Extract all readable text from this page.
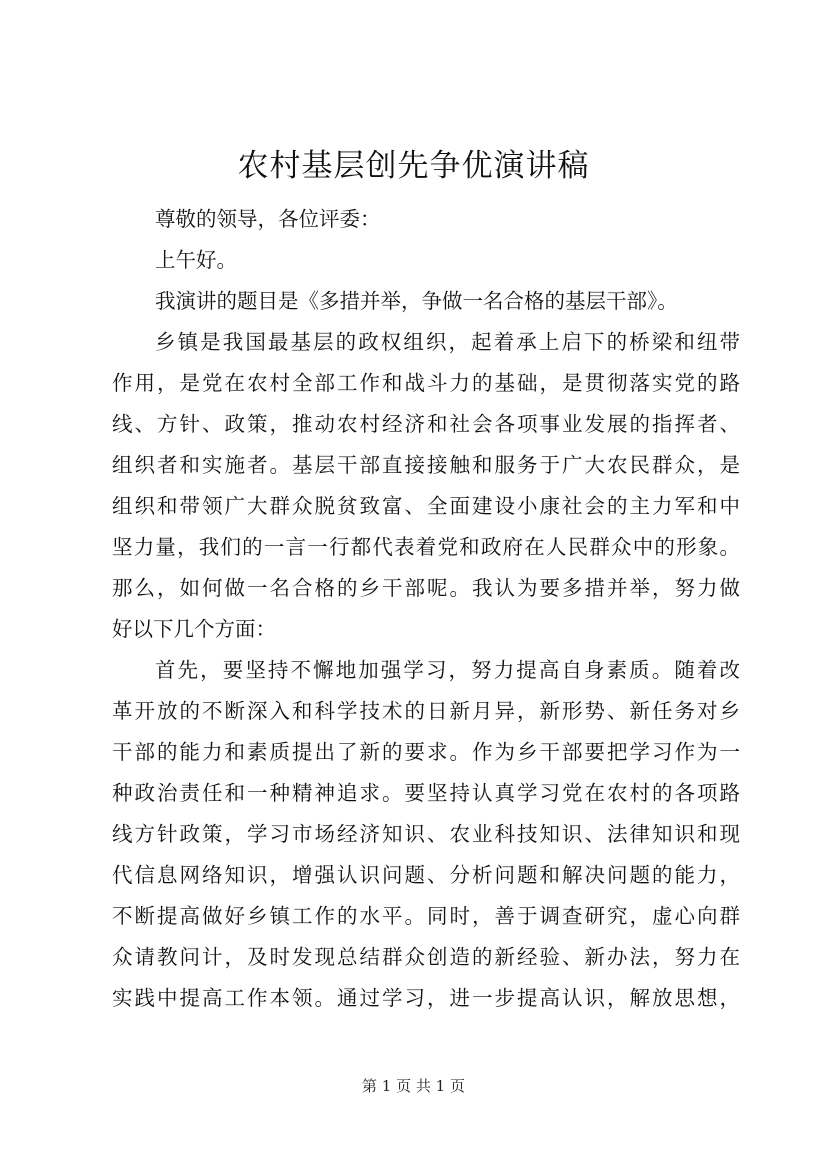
农村基层创先争优演讲稿
尊敬的领导，各位评委：
上午好。
我演讲的题目是《多措并举，争做一名合格的基层干部》。
乡镇是我国最基层的政权组织，起着承上启下的桥梁和纽带
作用，是党在农村全部工作和战斗力的基础，是贯彻落实党的路
线、方针、政策，推动农村经济和社会各项事业发展的指挥者、
组织者和实施者。基层干部直接接触和服务于广大农民群众，是
组织和带领广大群众脱贫致富、全面建设小康社会的主力军和中
坚力量，我们的一言一行都代表着党和政府在人民群众中的形象。
那么，如何做一名合格的乡干部呢。我认为要多措并举，努力做
好以下几个方面：
首先，要坚持不懈地加强学习，努力提高自身素质。随着改
革开放的不断深入和科学技术的日新月异，新形势、新任务对乡
干部的能力和素质提出了新的要求。作为乡干部要把学习作为一
种政治责任和一种精神追求。要坚持认真学习党在农村的各项路
线方针政策，学习市场经济知识、农业科技知识、法律知识和现
代信息网络知识，增强认识问题、分析问题和解决问题的能力，
不断提高做好乡镇工作的水平。同时，善于调查研究，虚心向群
众请教问计，及时发现总结群众创造的新经验、新办法，努力在
实践中提高工作本领。通过学习，进一步提高认识，解放思想，
第 1 页 共 1 页
